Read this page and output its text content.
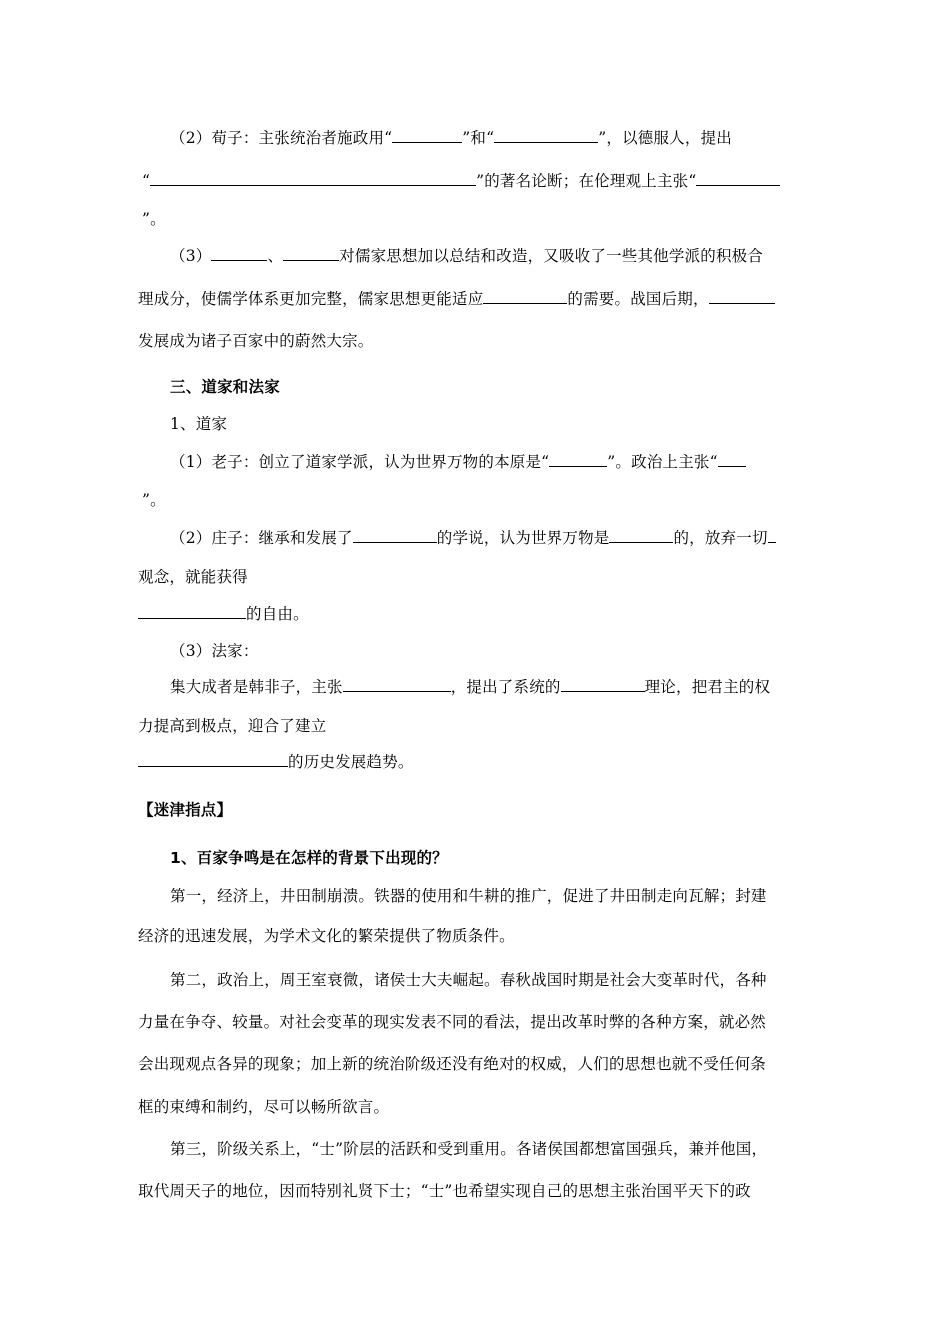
（2）荀子：主张统治者施政用“	”和“	”，以德服人，提出
“	”的著名论断；在伦理观上主张“
”。
（3）	、	对儒家思想加以总结和改造，又吸收了一些其他学派的积极合
理成分，使儒学体系更加完整，儒家思想更能适应	的需要。战国后期，
发展成为诸子百家中的蔚然大宗。
三、道家和法家
1、道家
（1）老子：创立了道家学派，认为世界万物的本原是“	”。政治上主张“
”。
（2）庄子：继承和发展了	的学说，认为世界万物是	的，放弃一切
观念，就能获得
的自由。
（3）法家：
集大成者是韩非子，主张	，提出了系统的	理论，把君主的权
力提高到极点，迎合了建立
的历史发展趋势。
【迷津指点】
1、百家争鸣是在怎样的背景下出现的？
第一，经济上，井田制崩溃。铁器的使用和牛耕的推广，促进了井田制走向瓦解；封建
经济的迅速发展，为学术文化的繁荣提供了物质条件。
第二，政治上，周王室衰微，诸侯士大夫崛起。春秋战国时期是社会大变革时代，各种
力量在争夺、较量。对社会变革的现实发表不同的看法，提出改革时弊的各种方案，就必然
会出现观点各异的现象；加上新的统治阶级还没有绝对的权威，人们的思想也就不受任何条
框的束缚和制约，尽可以畅所欲言。
第三，阶级关系上，“士”阶层的活跃和受到重用。各诸侯国都想富国强兵，兼并他国，
取代周天子的地位，因而特别礼贤下士；“士”也希望实现自己的思想主张治国平天下的政
